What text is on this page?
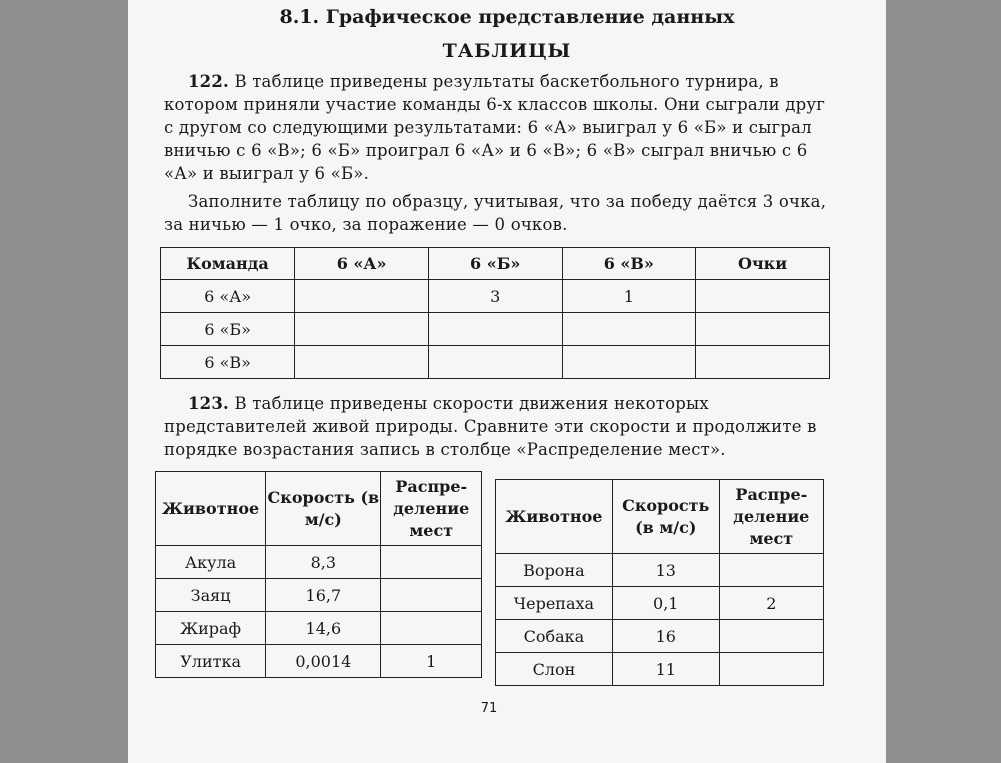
8.1. Графическое представление данных
ТАБЛИЦЫ
122. В таблице приведены результаты баскетбольного турнира, в котором приняли участие команды 6-х классов школы. Они сыграли друг с другом со следующими результатами: 6 «А» выиграл у 6 «Б» и сыграл вничью с 6 «В»; 6 «Б» проиграл 6 «А» и 6 «В»; 6 «В» сыграл вничью с 6 «А» и выиграл у 6 «Б».
Заполните таблицу по образцу, учитывая, что за победу даётся 3 очка, за ничью — 1 очко, за поражение — 0 очков.
Команда	6 «А»	6 «Б»	6 «В»	Очки
6 «А»		3	1	
6 «Б»				
6 «В»				
123. В таблице приведены скорости движения некоторых представителей живой природы. Сравните эти скорости и продолжите в порядке возрастания запись в столбце «Распределение мест».
Животное	Скорость (в м/с)	Распределение мест
Акула	8,3	
Заяц	16,7	
Жираф	14,6	
Улитка	0,0014	1
Животное	Скорость (в м/с)	Распределение мест
Ворона	13	
Черепаха	0,1	2
Собака	16	
Слон	11	
71
